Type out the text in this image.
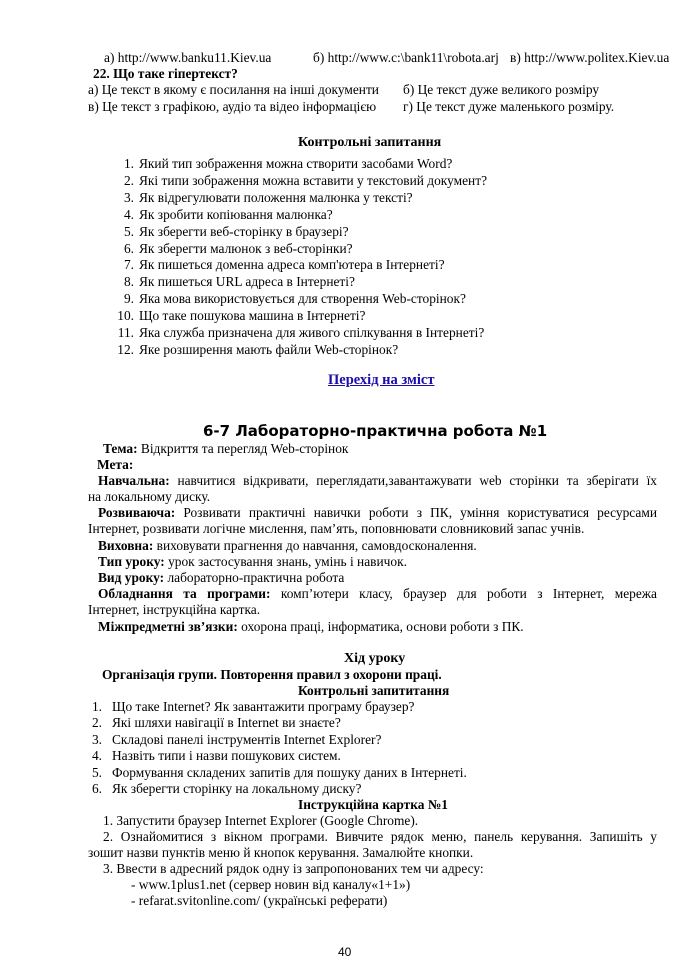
а) http://www.banku11.Kiev.ua	б) http://www.c:\bank11\robota.arj в) http://www.politex.Kiev.ua
22. Що таке гіпертекст?
а) Це текст в якому є посилання на інші документи б) Це текст дуже великого розміру
в) Це текст з графікою, аудіо та відео інформацією г) Це текст дуже маленького розміру.
Контрольні запитання
1. Який тип зображення можна створити засобами Word?
2. Які типи зображення можна вставити у текстовий документ?
3. Як відрегулювати положення малюнка у тексті?
4. Як зробити копіювання малюнка?
5. Як зберегти веб-сторінку в браузері?
6. Як зберегти малюнок з веб-сторінки?
7. Як пишеться доменна адреса комп'ютера в Інтернеті?
8. Як пишеться URL адреса в Інтернеті?
9. Яка мова використовується для створення Web-сторінок?
10. Що таке пошукова машина в Інтернеті?
11. Яка служба призначена для живого спілкування в Інтернеті?
12. Яке розширення мають файли Web-сторінок?
Перехід на зміст
6-7 Лабораторно-практична робота №1
Тема: Відкриття та перегляд Web-сторінок
Мета:
Навчальна: навчитися відкривати, переглядати,завантажувати web сторінки та зберігати їх
на локальному диску.
Розвиваюча: Розвивати практичні навички роботи з ПК, уміння користуватися ресурсами
Інтернет, розвивати логічне мислення, пам’ять, поповнювати словниковий запас учнів.
Виховна: виховувати прагнення до навчання, самовдосконалення.
Тип уроку: урок застосування знань, умінь і навичок.
Вид уроку: лабораторно-практична робота
Обладнання та програми: комп’ютери класу, браузер для роботи з Інтернет, мережа
Інтернет, інструкційна картка.
Міжпредметні зв’язки: охорона праці, інформатика, основи роботи з ПК.
Хід уроку
Організація групи. Повторення правил з охорони праці.
Контрольні запититання
1. Що таке Internet? Як завантажити програму браузер?
2. Які шляхи навігації в Internet ви знаєте?
3. Складові панелі інструментів Internet Explorer?
4. Назвіть типи і назви пошукових систем.
5. Формування складених запитів для пошуку даних в Інтернеті.
6. Як зберегти сторінку на локальному диску?
Інструкційна картка №1
1. Запустити браузер Internet Explorer (Google Chrome).
2. Ознайомитися з вікном програми. Вивчите рядок меню, панель керування. Запишіть у
зошит назви пунктів меню й кнопок керування. Замалюйте кнопки.
3. Ввести в адресний рядок одну із запропонованих тем чи адресу:
- www.1plus1.net (сервер новин від каналу«1+1»)
- refarat.svitonline.com/ (українські реферати)
40
